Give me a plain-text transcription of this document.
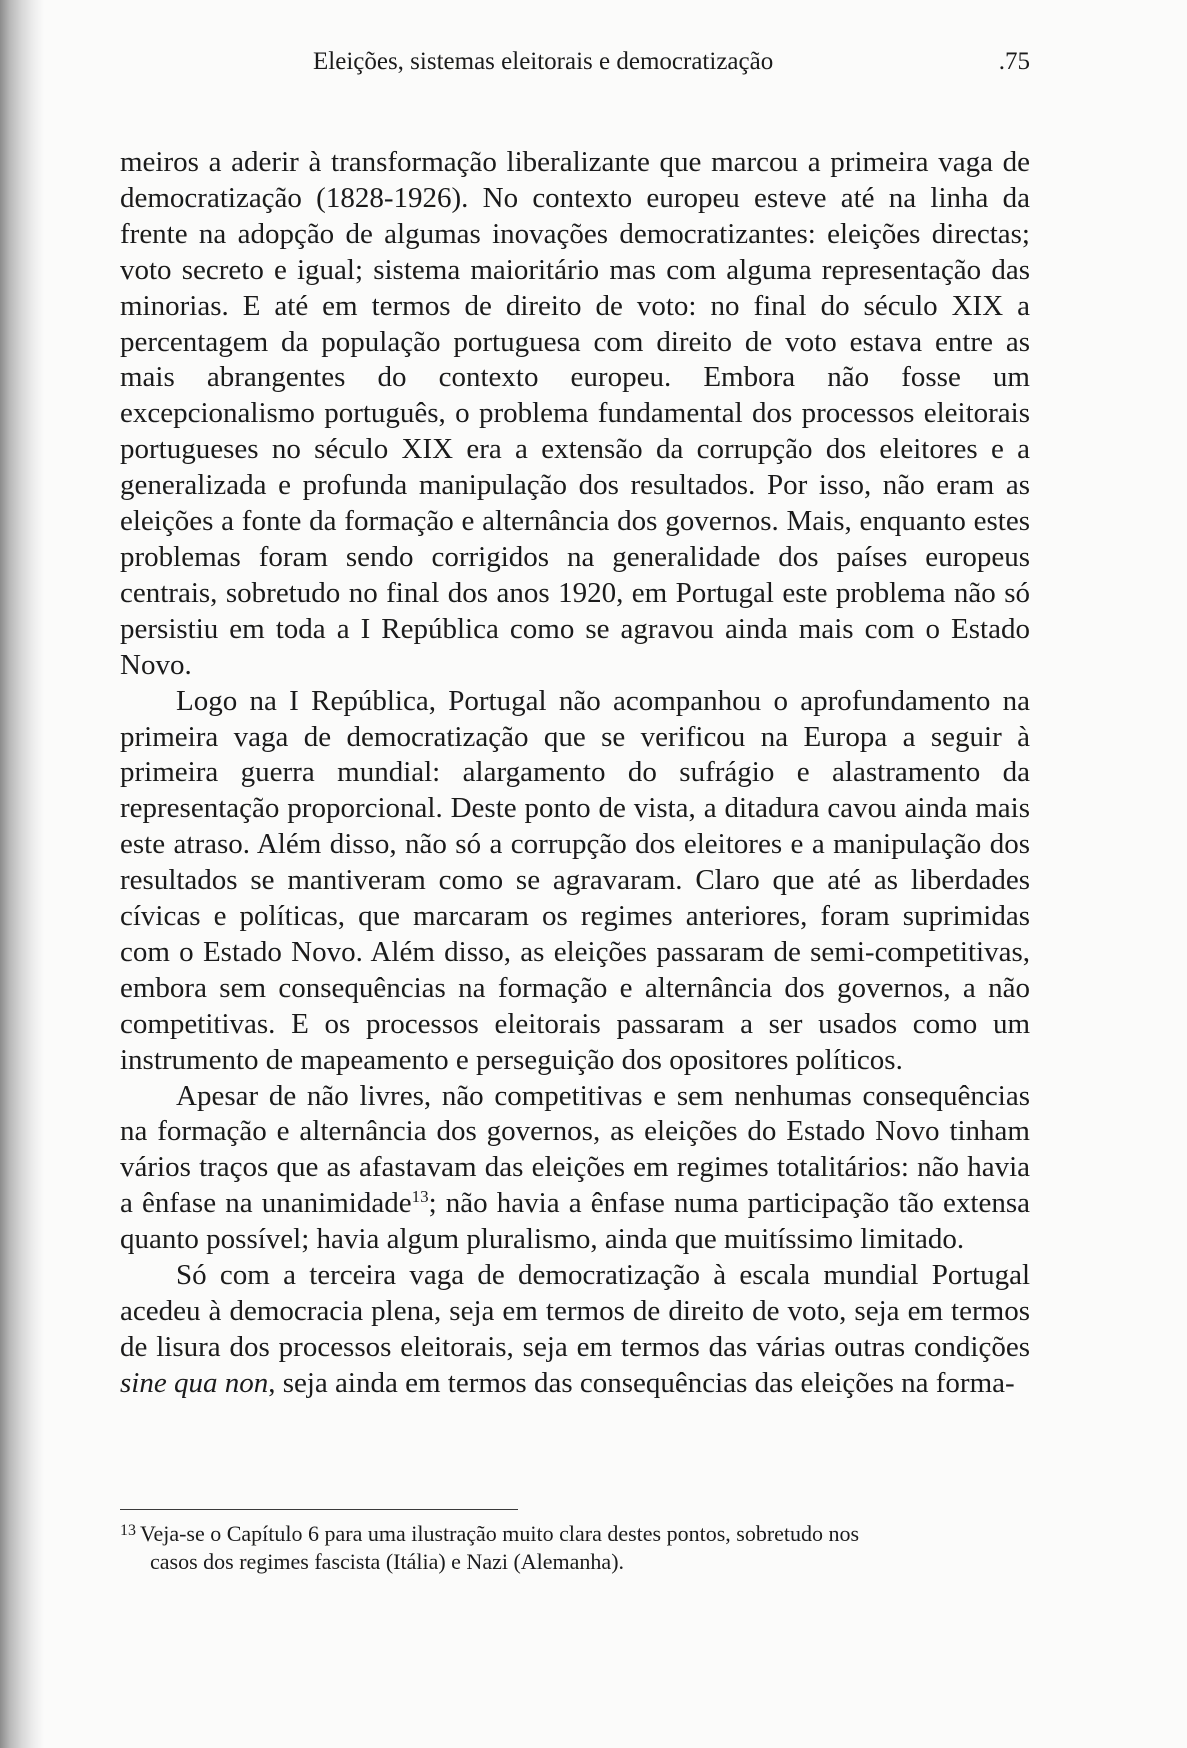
Eleições, sistemas eleitorais e democratização	.75

meiros a aderir à transformação liberalizante que marcou a primeira vaga de democratização (1828-1926). No contexto europeu esteve até na linha da frente na adopção de algumas inovações democratizantes: eleições directas; voto secreto e igual; sistema maioritário mas com alguma representação das minorias. E até em termos de direito de voto: no final do século XIX a percentagem da população portuguesa com direito de voto estava entre as mais abrangentes do contexto europeu. Embora não fosse um excepcionalismo português, o problema fundamental dos processos eleitorais portugueses no século XIX era a extensão da corrupção dos eleitores e a generalizada e profunda manipulação dos resultados. Por isso, não eram as eleições a fonte da formação e alternância dos governos. Mais, enquanto estes problemas foram sendo corrigidos na generalidade dos países europeus centrais, sobretudo no final dos anos 1920, em Portugal este problema não só persistiu em toda a I República como se agravou ainda mais com o Estado Novo.

Logo na I República, Portugal não acompanhou o aprofundamento na primeira vaga de democratização que se verificou na Europa a seguir à primeira guerra mundial: alargamento do sufrágio e alastramento da representação proporcional. Deste ponto de vista, a ditadura cavou ainda mais este atraso. Além disso, não só a corrupção dos eleitores e a manipulação dos resultados se mantiveram como se agravaram. Claro que até as liberdades cívicas e políticas, que marcaram os regimes anteriores, foram suprimidas com o Estado Novo. Além disso, as eleições passaram de semi-competitivas, embora sem consequências na formação e alternância dos governos, a não competitivas. E os processos eleitorais passaram a ser usados como um instrumento de mapeamento e perseguição dos opositores políticos.

Apesar de não livres, não competitivas e sem nenhumas consequências na formação e alternância dos governos, as eleições do Estado Novo tinham vários traços que as afastavam das eleições em regimes totalitários: não havia a ênfase na unanimidade$^{13}$; não havia a ênfase numa participação tão extensa quanto possível; havia algum pluralismo, ainda que muitíssimo limitado.

Só com a terceira vaga de democratização à escala mundial Portugal acedeu à democracia plena, seja em termos de direito de voto, seja em termos de lisura dos processos eleitorais, seja em termos das várias outras condições sine qua non, seja ainda em termos das consequências das eleições na forma-

$^{13}$ Veja-se o Capítulo 6 para uma ilustração muito clara destes pontos, sobretudo nos
casos dos regimes fascista (Itália) e Nazi (Alemanha).
